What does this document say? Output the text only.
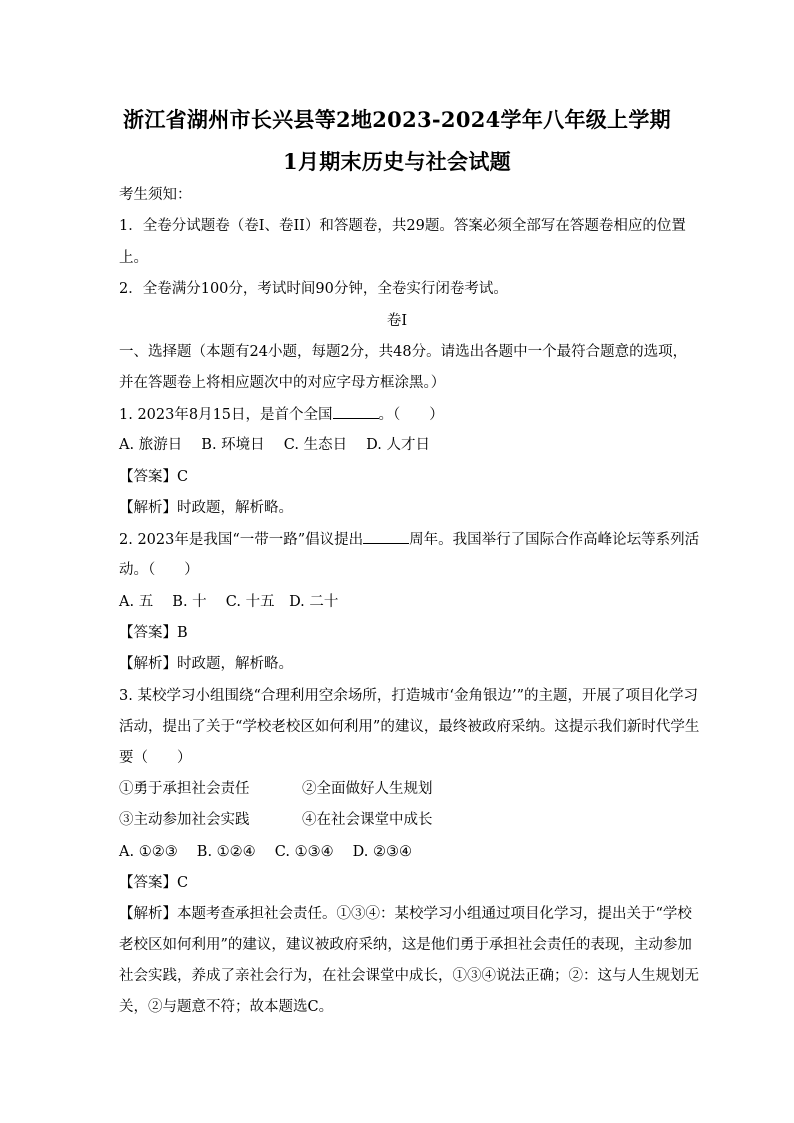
浙江省湖州市长兴县等2地2023-2024学年八年级上学期
1月期末历史与社会试题
考生须知：
1．全卷分试题卷（卷I、卷II）和答题卷，共29题。答案必须全部写在答题卷相应的位置
上。
2．全卷满分100分，考试时间90分钟，全卷实行闭卷考试。
卷I
一、选择题（本题有24小题，每题2分，共48分。请选出各题中一个最符合题意的选项，
并在答题卷上将相应题次中的对应字母方框涂黑。）
1. 2023年8月15日，是首个全国	。（　　）
A. 旅游日　 B. 环境日　 C. 生态日　 D. 人才日
【答案】C
【解析】时政题，解析略。
2. 2023年是我国“一带一路”倡议提出	周年。我国举行了国际合作高峰论坛等系列活
动。（　　）
A. 五　 B. 十　 C. 十五　D. 二十
【答案】B
【解析】时政题，解析略。
3. 某校学习小组围绕“合理利用空余场所，打造城市‘金角银边’”的主题，开展了项目化学习
活动，提出了关于“学校老校区如何利用”的建议，最终被政府采纳。这提示我们新时代学生
要（　　）
①勇于承担社会责任	②全面做好人生规划
③主动参加社会实践	④在社会课堂中成长
A. ①②③　 B. ①②④　 C. ①③④　 D. ②③④
【答案】C
【解析】本题考查承担社会责任。①③④：某校学习小组通过项目化学习，提出关于“学校
老校区如何利用”的建议，建议被政府采纳，这是他们勇于承担社会责任的表现，主动参加
社会实践，养成了亲社会行为，在社会课堂中成长，①③④说法正确；②：这与人生规划无
关，②与题意不符；故本题选C。
